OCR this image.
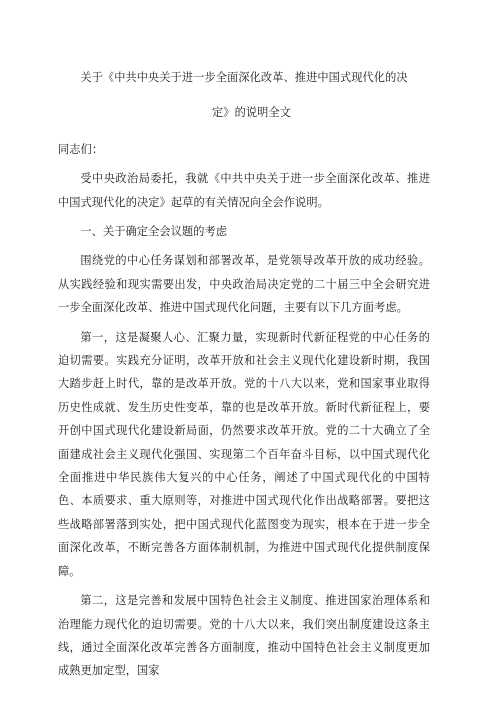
关于《中共中央关于进一步全面深化改革、推进中国式现代化的决
定》的说明全文
同志们：
受中央政治局委托，我就《中共中央关于进一步全面深化改革、推进中国式现代化的决定》起草的有关情况向全会作说明。
一、关于确定全会议题的考虑
围绕党的中心任务谋划和部署改革，是党领导改革开放的成功经验。从实践经验和现实需要出发，中央政治局决定党的二十届三中全会研究进一步全面深化改革、推进中国式现代化问题，主要有以下几方面考虑。
第一，这是凝聚人心、汇聚力量，实现新时代新征程党的中心任务的迫切需要。实践充分证明，改革开放和社会主义现代化建设新时期，我国大踏步赶上时代，靠的是改革开放。党的十八大以来，党和国家事业取得历史性成就、发生历史性变革，靠的也是改革开放。新时代新征程上，要开创中国式现代化建设新局面，仍然要求改革开放。党的二十大确立了全面建成社会主义现代化强国、实现第二个百年奋斗目标，以中国式现代化全面推进中华民族伟大复兴的中心任务，阐述了中国式现代化的中国特色、本质要求、重大原则等，对推进中国式现代化作出战略部署。要把这些战略部署落到实处，把中国式现代化蓝图变为现实，根本在于进一步全面深化改革，不断完善各方面体制机制，为推进中国式现代化提供制度保障。
第二，这是完善和发展中国特色社会主义制度、推进国家治理体系和治理能力现代化的迫切需要。党的十八大以来，我们突出制度建设这条主线，通过全面深化改革完善各方面制度，推动中国特色社会主义制度更加成熟更加定型，国家
